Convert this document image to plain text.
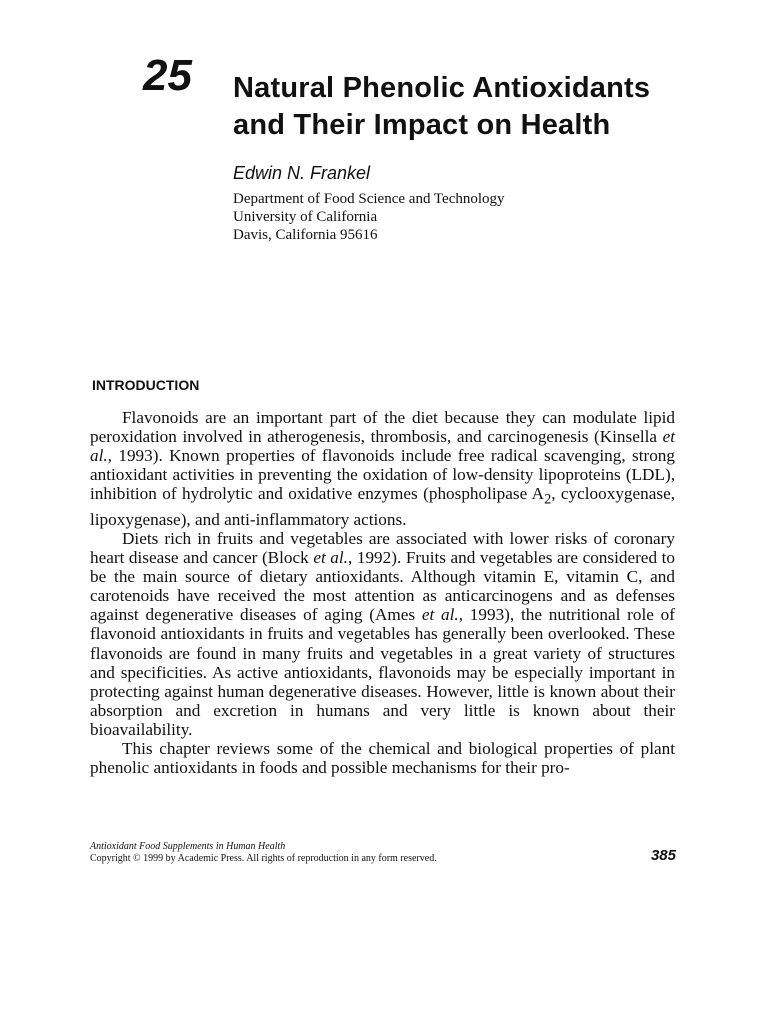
25 Natural Phenolic Antioxidants
and Their Impact on Health
Edwin N. Frankel
Department of Food Science and Technology
University of California
Davis, California 95616
INTRODUCTION

Flavonoids are an important part of the diet because they can modulate lipid peroxidation involved in atherogenesis, thrombosis, and carcinogenesis (Kinsella et al., 1993). Known properties of flavonoids include free radical scavenging, strong antioxidant activities in preventing the oxidation of low-density lipoproteins (LDL), inhibition of hydrolytic and oxidative enzymes (phospholipase $A_2$, cyclooxygenase, lipoxygenase), and anti-inflammatory actions.

Diets rich in fruits and vegetables are associated with lower risks of coronary heart disease and cancer (Block et al., 1992). Fruits and vegetables are considered to be the main source of dietary antioxidants. Although vitamin E, vitamin C, and carotenoids have received the most attention as anticarcinogens and as defenses against degenerative diseases of aging (Ames et al., 1993), the nutritional role of flavonoid antioxidants in fruits and vegetables has generally been overlooked. These flavonoids are found in many fruits and vegetables in a great variety of structures and specificities. As active antioxidants, flavonoids may be especially important in protecting against human degenerative diseases. However, little is known about their absorption and excretion in humans and very little is known about their bioavailability.

This chapter reviews some of the chemical and biological properties of plant phenolic antioxidants in foods and possible mechanisms for their pro-

Antioxidant Food Supplements in Human Health
Copyright © 1999 by Academic Press. All rights of reproduction in any form reserved.	385
